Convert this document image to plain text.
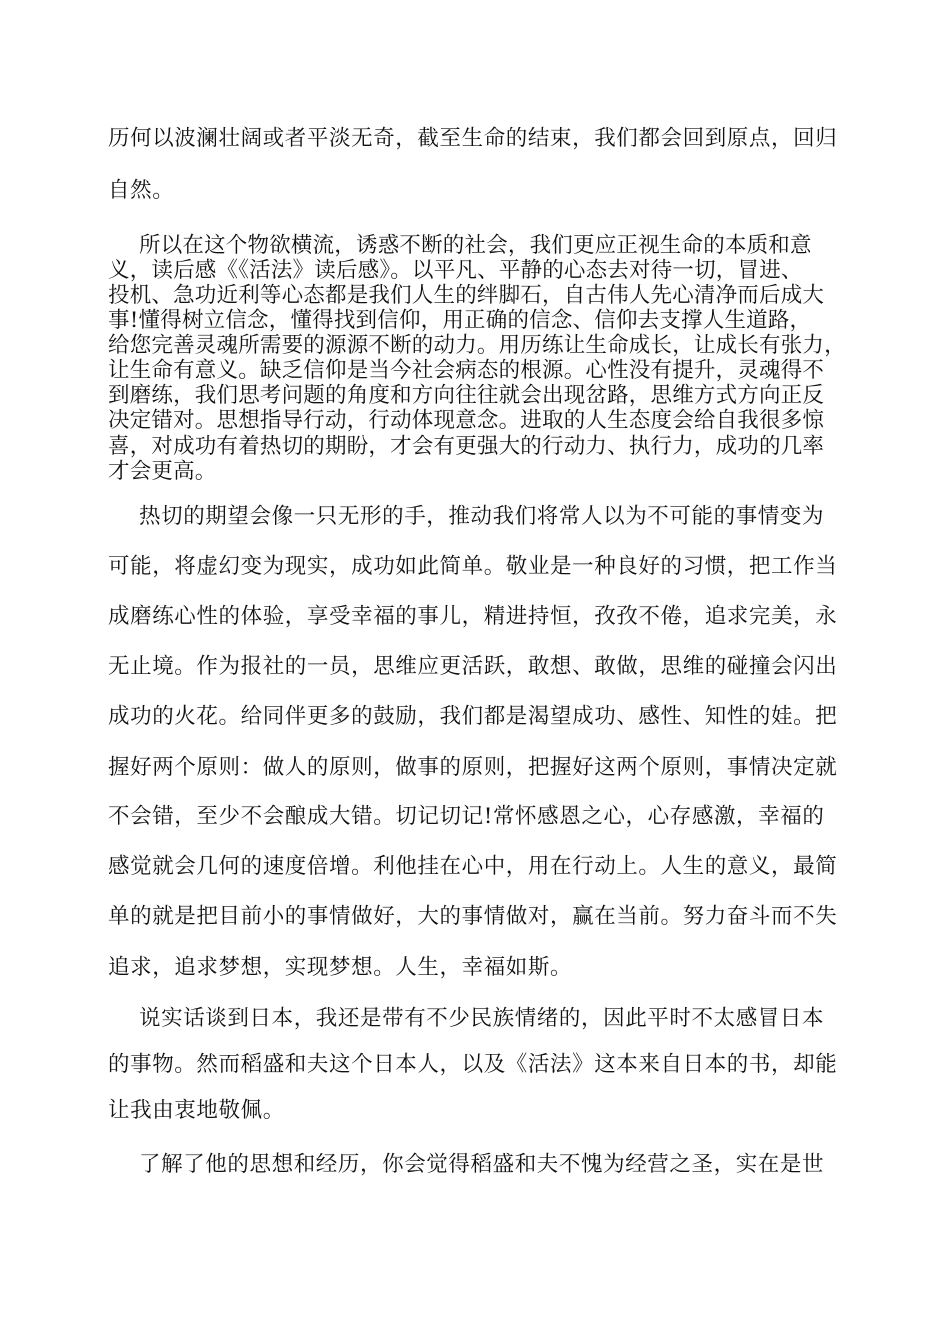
历何以波澜壮阔或者平淡无奇，截至生命的结束，我们都会回到原点，回归
自然。
所以在这个物欲横流，诱惑不断的社会，我们更应正视生命的本质和意
义，读后感《《活法》读后感》。以平凡、平静的心态去对待一切，冒进、
投机、急功近利等心态都是我们人生的绊脚石，自古伟人先心清净而后成大
事!懂得树立信念，懂得找到信仰，用正确的信念、信仰去支撑人生道路，
给您完善灵魂所需要的源源不断的动力。用历练让生命成长，让成长有张力，
让生命有意义。缺乏信仰是当今社会病态的根源。心性没有提升，灵魂得不
到磨练，我们思考问题的角度和方向往往就会出现岔路，思维方式方向正反
决定错对。思想指导行动，行动体现意念。进取的人生态度会给自我很多惊
喜，对成功有着热切的期盼，才会有更强大的行动力、执行力，成功的几率
才会更高。
热切的期望会像一只无形的手，推动我们将常人以为不可能的事情变为
可能，将虚幻变为现实，成功如此简单。敬业是一种良好的习惯，把工作当
成磨练心性的体验，享受幸福的事儿，精进持恒，孜孜不倦，追求完美，永
无止境。作为报社的一员，思维应更活跃，敢想、敢做，思维的碰撞会闪出
成功的火花。给同伴更多的鼓励，我们都是渴望成功、感性、知性的娃。把
握好两个原则：做人的原则，做事的原则，把握好这两个原则，事情决定就
不会错，至少不会酿成大错。切记切记!常怀感恩之心，心存感激，幸福的
感觉就会几何的速度倍增。利他挂在心中，用在行动上。人生的意义，最简
单的就是把目前小的事情做好，大的事情做对，赢在当前。努力奋斗而不失
追求，追求梦想，实现梦想。人生，幸福如斯。
说实话谈到日本，我还是带有不少民族情绪的，因此平时不太感冒日本
的事物。然而稻盛和夫这个日本人，以及《活法》这本来自日本的书，却能
让我由衷地敬佩。
了解了他的思想和经历，你会觉得稻盛和夫不愧为经营之圣，实在是世
